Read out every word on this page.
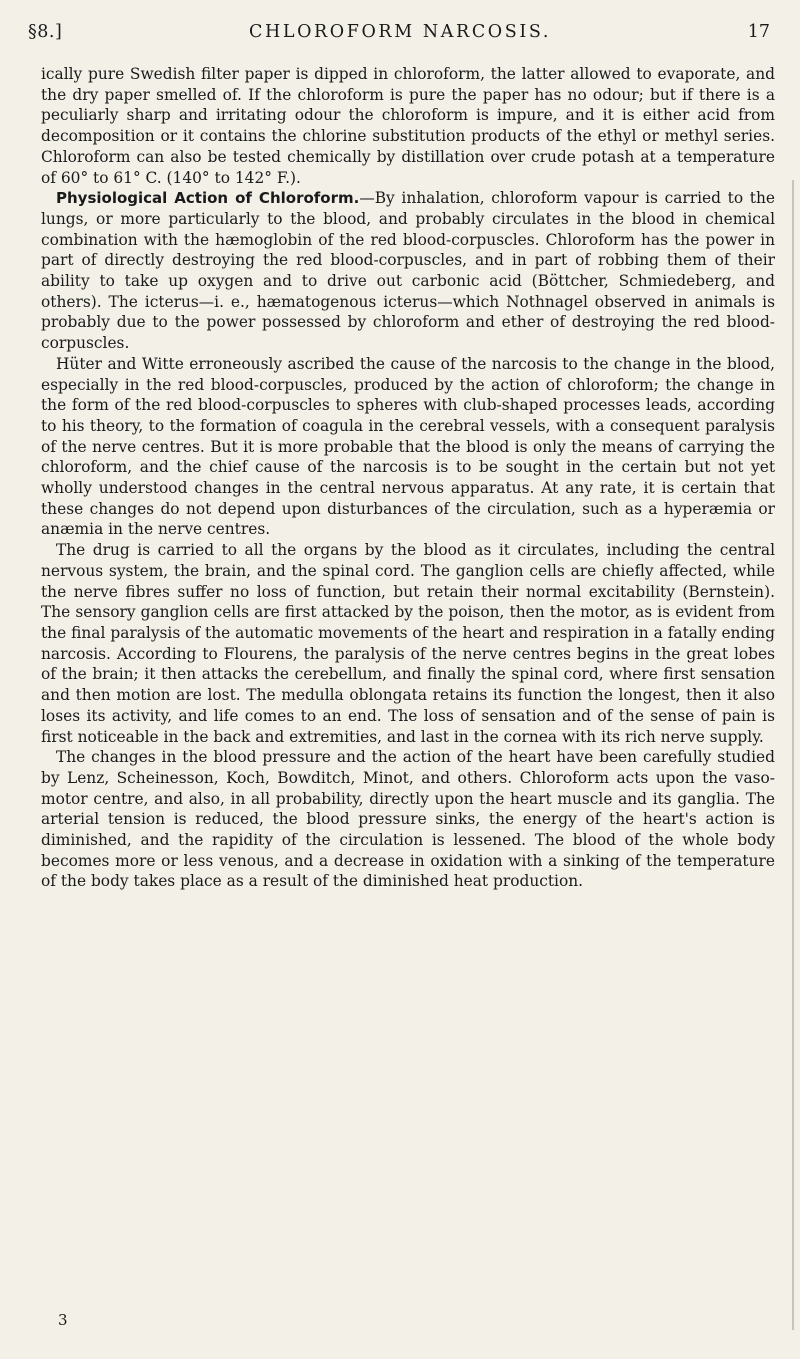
§8.]	CHLOROFORM NARCOSIS.	17

ically pure Swedish filter paper is dipped in chloroform, the latter allowed to evaporate, and the dry paper smelled of. If the chloroform is pure the paper has no odour; but if there is a peculiarly sharp and irritating odour the chloroform is impure, and it is either acid from decomposition or it contains the chlorine substitution products of the ethyl or methyl series. Chloroform can also be tested chemically by distillation over crude potash at a temperature of 60° to 61° C. (140° to 142° F.).

Physiological Action of Chloroform.—By inhalation, chloroform vapour is carried to the lungs, or more particularly to the blood, and probably circulates in the blood in chemical combination with the hæmoglobin of the red blood-corpuscles. Chloroform has the power in part of directly destroying the red blood-corpuscles, and in part of robbing them of their ability to take up oxygen and to drive out carbonic acid (Böttcher, Schmiedeberg, and others). The icterus—i. e., hæmatogenous icterus—which Nothnagel observed in animals is probably due to the power possessed by chloroform and ether of destroying the red blood-corpuscles.

Hüter and Witte erroneously ascribed the cause of the narcosis to the change in the blood, especially in the red blood-corpuscles, produced by the action of chloroform; the change in the form of the red blood-corpuscles to spheres with club-shaped processes leads, according to his theory, to the formation of coagula in the cerebral vessels, with a consequent paralysis of the nerve centres. But it is more probable that the blood is only the means of carrying the chloroform, and the chief cause of the narcosis is to be sought in the certain but not yet wholly understood changes in the central nervous apparatus. At any rate, it is certain that these changes do not depend upon disturbances of the circulation, such as a hyperæmia or anæmia in the nerve centres.

The drug is carried to all the organs by the blood as it circulates, including the central nervous system, the brain, and the spinal cord. The ganglion cells are chiefly affected, while the nerve fibres suffer no loss of function, but retain their normal excitability (Bernstein). The sensory ganglion cells are first attacked by the poison, then the motor, as is evident from the final paralysis of the automatic movements of the heart and respiration in a fatally ending narcosis. According to Flourens, the paralysis of the nerve centres begins in the great lobes of the brain; it then attacks the cerebellum, and finally the spinal cord, where first sensation and then motion are lost. The medulla oblongata retains its function the longest, then it also loses its activity, and life comes to an end. The loss of sensation and of the sense of pain is first noticeable in the back and extremities, and last in the cornea with its rich nerve supply.

The changes in the blood pressure and the action of the heart have been carefully studied by Lenz, Scheinesson, Koch, Bowditch, Minot, and others. Chloroform acts upon the vaso-motor centre, and also, in all probability, directly upon the heart muscle and its ganglia. The arterial tension is reduced, the blood pressure sinks, the energy of the heart's action is diminished, and the rapidity of the circulation is lessened. The blood of the whole body becomes more or less venous, and a decrease in oxidation with a sinking of the temperature of the body takes place as a result of the diminished heat production.

3
